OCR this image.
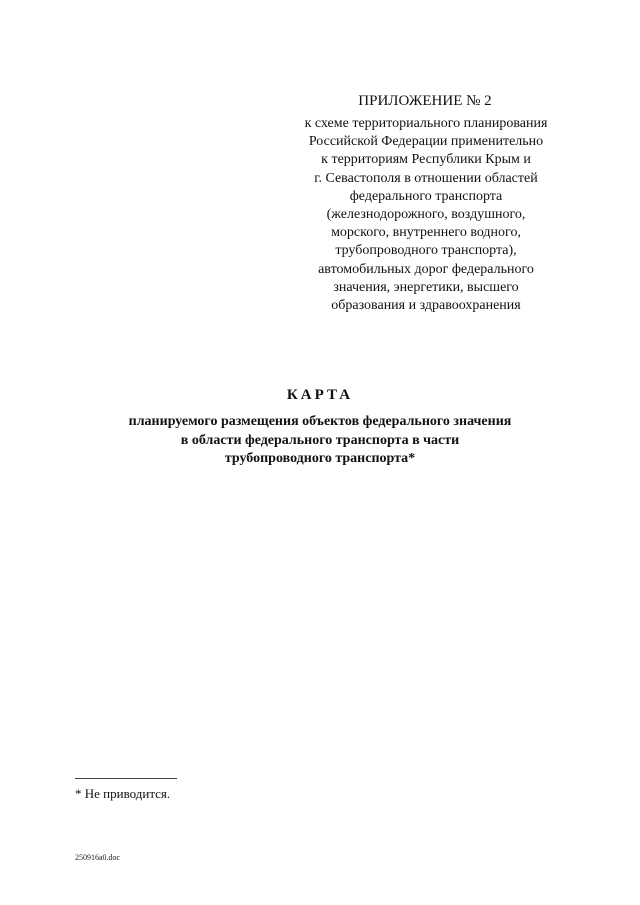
ПРИЛОЖЕНИЕ № 2
к схеме территориального планирования
Российской Федерации применительно
к территориям Республики Крым и
г. Севастополя в отношении областей
федерального транспорта
(железнодорожного, воздушного,
морского, внутреннего водного,
трубопроводного транспорта),
автомобильных дорог федерального
значения, энергетики, высшего
образования и здравоохранения
КАРТА
планируемого размещения объектов федерального значения
в области федерального транспорта в части
трубопроводного транспорта*
* Не приводится.
250916a0.doc
